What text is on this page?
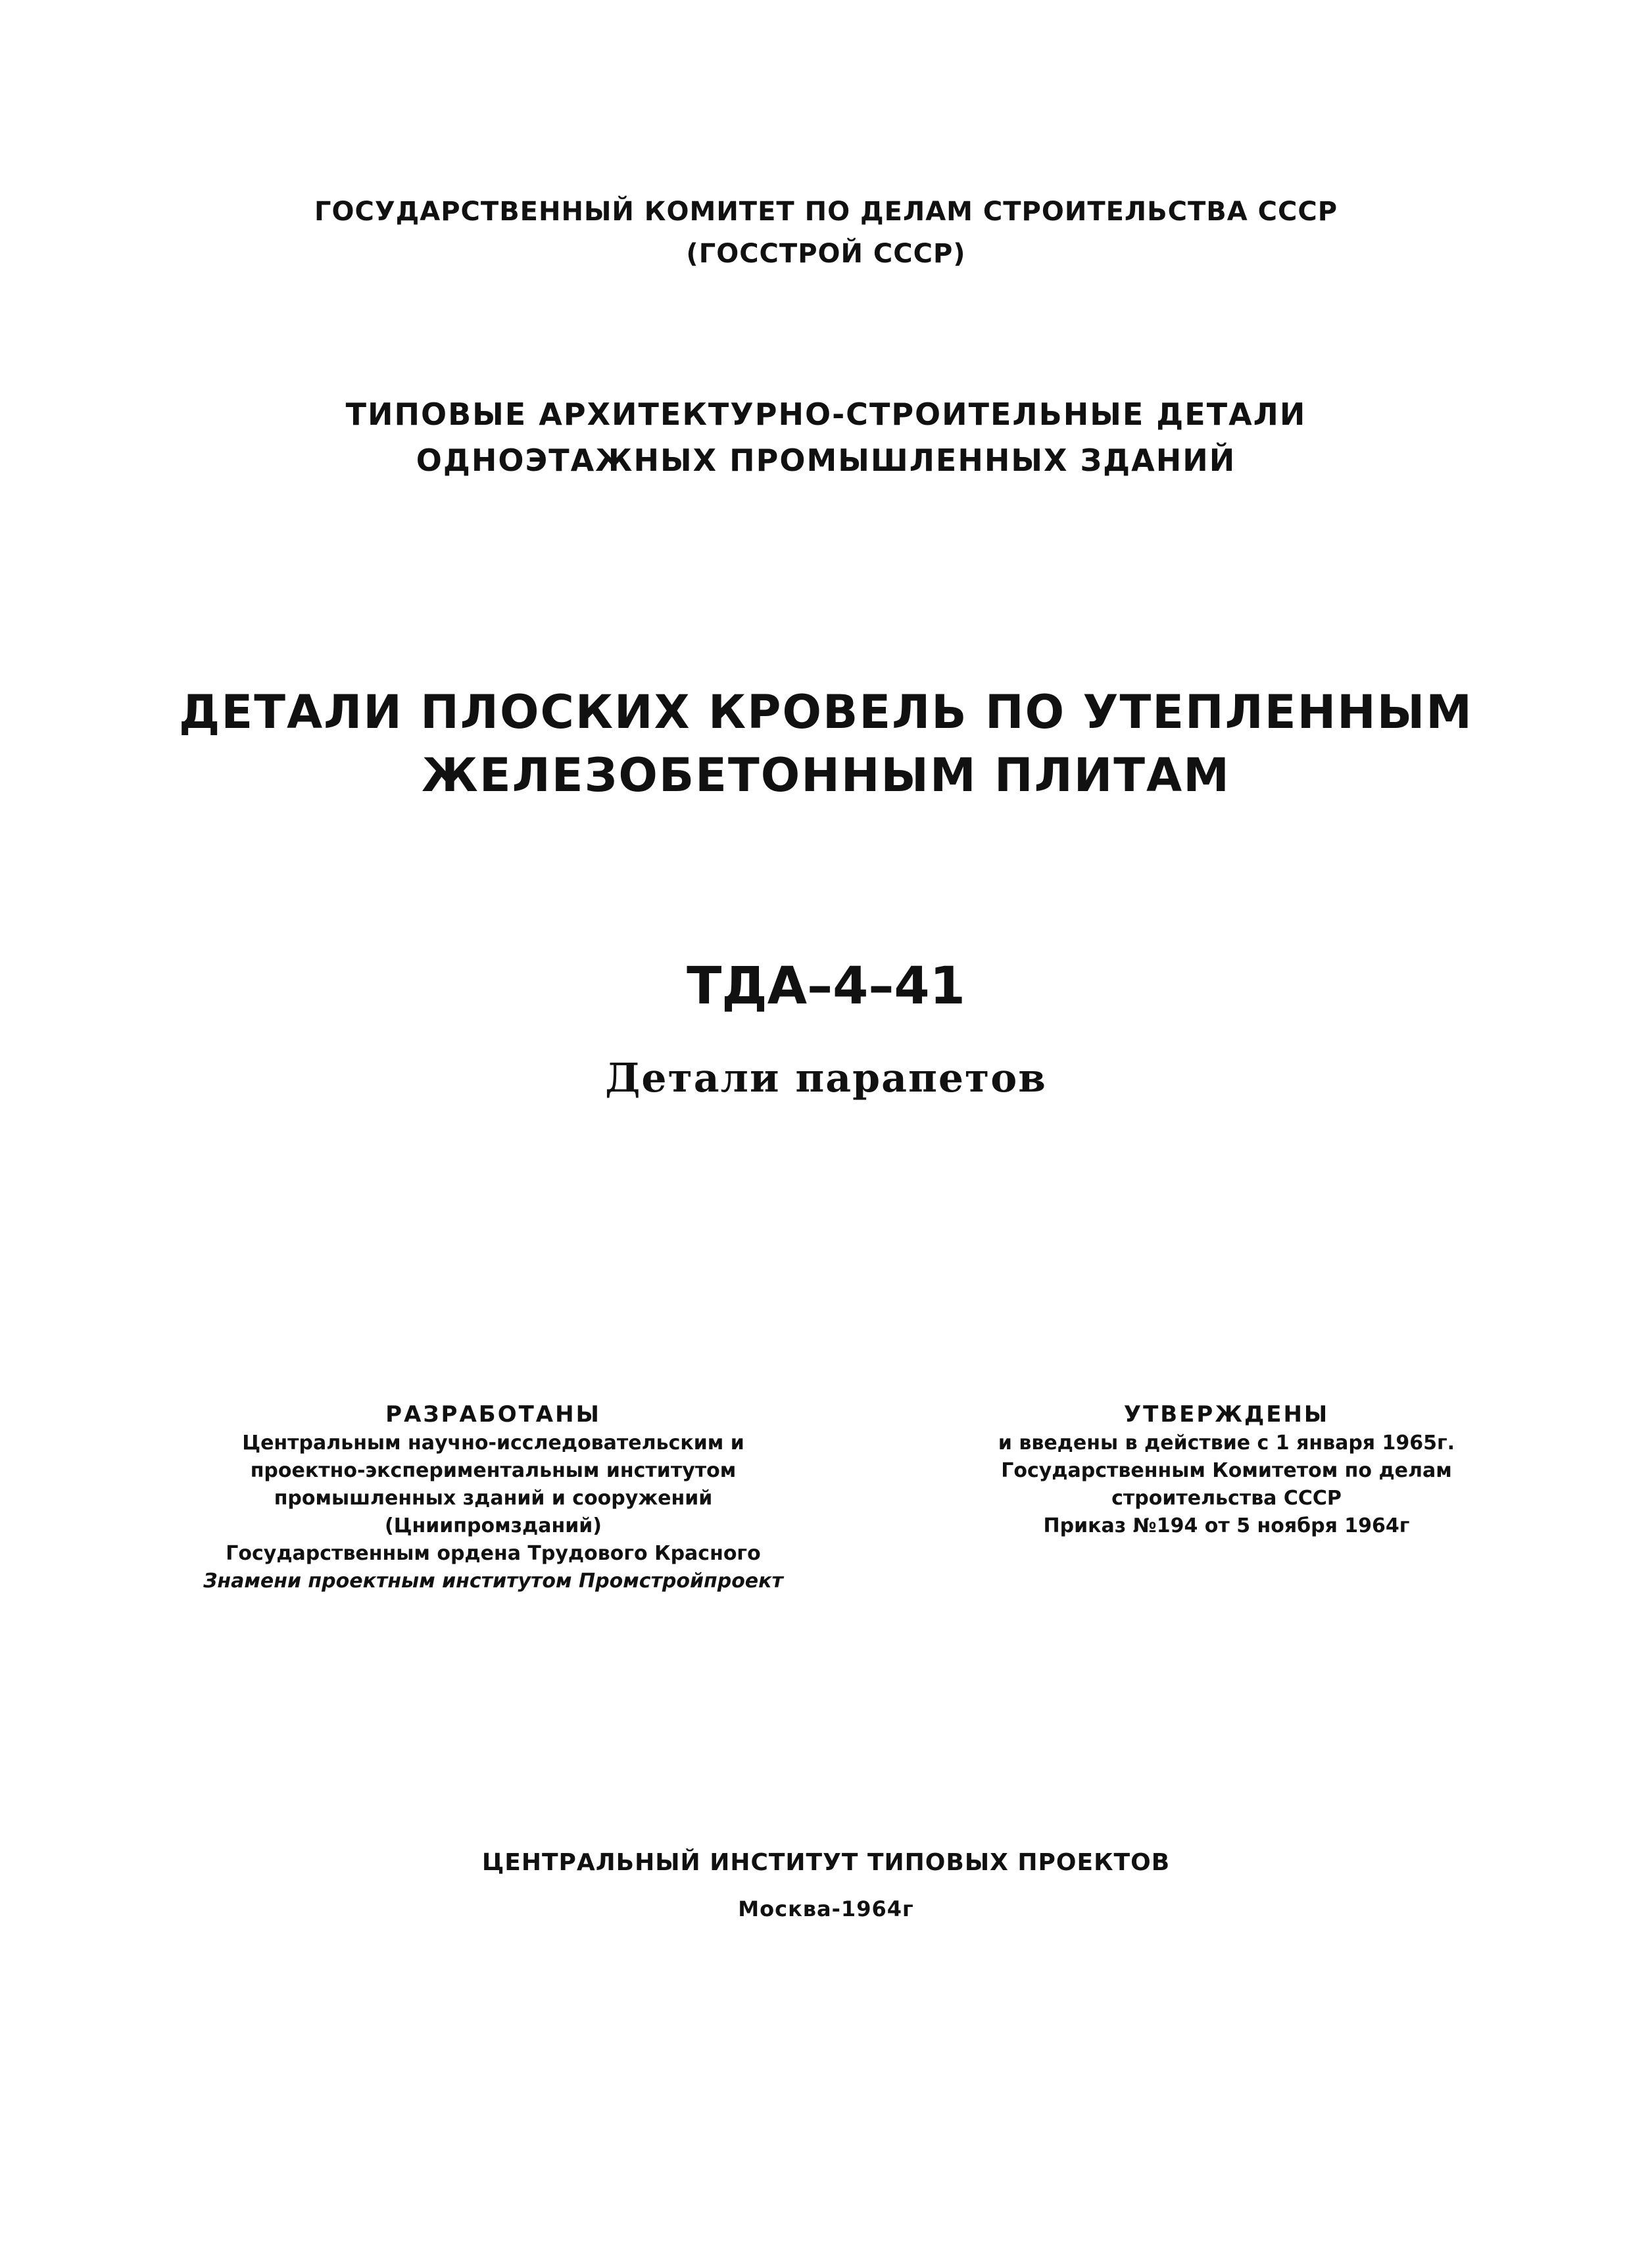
ГОСУДАРСТВЕННЫЙ КОМИТЕТ ПО ДЕЛАМ СТРОИТЕЛЬСТВА СССР
(ГОССТРОЙ СССР)
ТИПОВЫЕ АРХИТЕКТУРНО-СТРОИТЕЛЬНЫЕ ДЕТАЛИ
ОДНОЭТАЖНЫХ ПРОМЫШЛЕННЫХ ЗДАНИЙ
ДЕТАЛИ ПЛОСКИХ КРОВЕЛЬ ПО УТЕПЛЕННЫМ
ЖЕЛЕЗОБЕТОННЫМ ПЛИТАМ
ТДА–4–41
Детали парапетов
РАЗРАБОТАНЫ
Центральным научно-исследовательским и
проектно-экспериментальным институтом
промышленных зданий и сооружений
(Цниипромзданий)
Государственным ордена Трудового Красного
Знамени проектным институтом Промстройпроект
УТВЕРЖДЕНЫ
и введены в действие с 1 января 1965г.
Государственным Комитетом по делам
строительства СССР
Приказ №194 от 5 ноября 1964г
ЦЕНТРАЛЬНЫЙ ИНСТИТУТ ТИПОВЫХ ПРОЕКТОВ
Москва-1964г
